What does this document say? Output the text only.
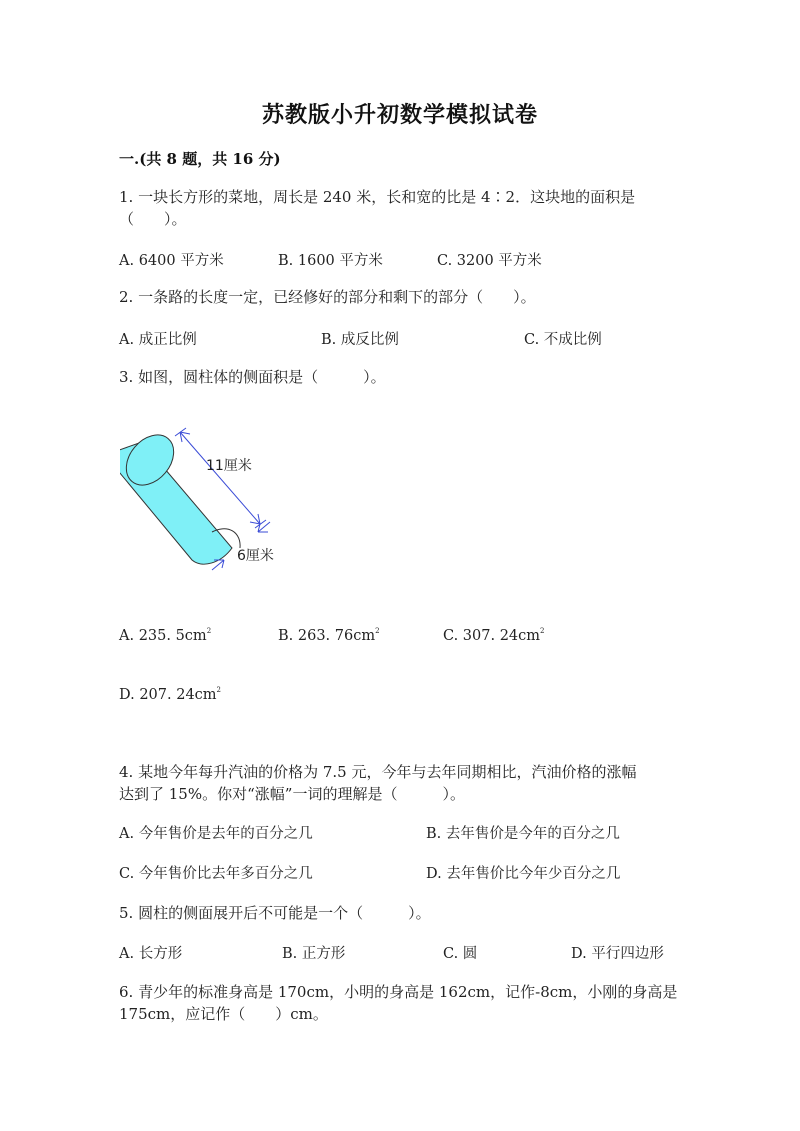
苏教版小升初数学模拟试卷
一.(共 8 题，共 16 分)
1. 一块长方形的菜地，周长是 240 米，长和宽的比是 4∶2．这块地的面积是
（　　）。
A. 6400 平方米	B. 1600 平方米	C. 3200 平方米
2. 一条路的长度一定，已经修好的部分和剩下的部分（　　）。
A. 成正比例	B. 成反比例	C. 不成比例
3. 如图，圆柱体的侧面积是（　　　）。
11厘米
6厘米
A. 235. $5cm^2$	B. 263. $76cm^2$	C. 307. $24cm^2$
D. 207. $24cm^2$
4. 某地今年每升汽油的价格为 7.5 元，今年与去年同期相比，汽油价格的涨幅
达到了 15%。你对“涨幅”一词的理解是（　　　）。
A. 今年售价是去年的百分之几	B. 去年售价是今年的百分之几
C. 今年售价比去年多百分之几	D. 去年售价比今年少百分之几
5. 圆柱的侧面展开后不可能是一个（　　　）。
A. 长方形	B. 正方形	C. 圆	D. 平行四边形
6. 青少年的标准身高是 170cm，小明的身高是 162cm，记作-8cm，小刚的身高是
175cm，应记作（　　）cm。
